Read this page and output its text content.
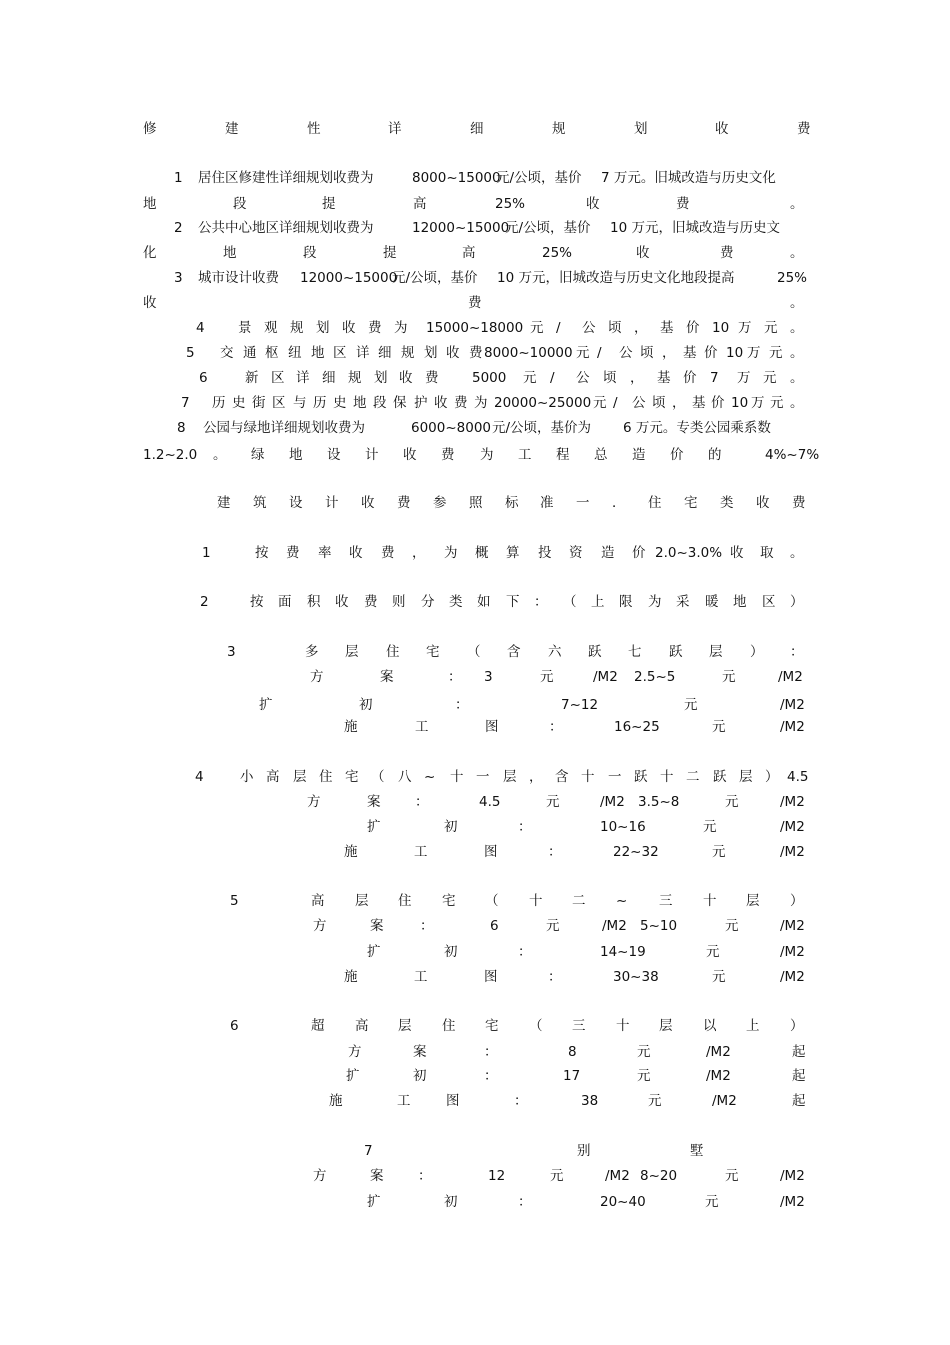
修	建	性	详	细	规	划	收	费
1 居住区修建性详细规划收费为	8000~15000
元/公顷，基价 7 万元。旧城改造与历史文化
地	段	提	高	25%	收	费	。
2 公共中心地区详细规划收费为	12000~15000
元/公顷，基价 10 万元，旧城改造与历史文
化	地	段	提	高	25%	收	费	。
3 城市设计收费 12000~15000
元/公顷，基价 10 万元，旧城改造与历史文化地段提高	25%
收	费	。
4 景 观 规 划 收 费 为 15000~18000 元 / 公 顷 ， 基 价 10 万 元 。
5 交 通 枢 纽 地 区 详 细 规 划 收 费 8000~10000 元 / 公 顷 ， 基 价 10 万 元 。
6	新 区 详 细 规 划 收 费 5000 元 / 公 顷 ， 基 价 7 万 元 。
7 历 史 街 区 与 历 史 地 段 保 护 收 费 为 20000~25000 元 / 公 顷 ， 基 价 10 万 元 。
8 公园与绿地详细规划收费为	6000~8000 元/公顷，基价为 6 万元。专类公园乘系数
1.2~2.0 。 绿 地 设 计 收 费 为 工 程 总 造 价 的	4%~7%
建 筑 设 计 收 费 参 照 标 准 一 ． 住 宅 类 收 费
1	按 费 率 收 费 ， 为 概 算 投 资 造 价 2.0~3.0% 收 取 。
2	按 面 积 收 费 则 分 类 如 下 ： （ 上 限 为 采 暖 地 区 ）
3	多 层 住 宅 （ 含 六 跃 七 跃 层 ） ：
方	案	： 3	元	/M2 2.5~5	元	/M2
扩	初	：	7~12	元	/M2
施	工	图	：	16~25	元	/M2
4	小 高 层 住 宅 （ 八 ~ 十 一 层 ， 含 十 一 跃 十 二 跃 层 ） 4.5
方	案	：	4.5	元	/M2 3.5~8	元	/M2
扩	初	：	10~16	元	/M2
施	工	图	：	22~32	元	/M2
5	高 层 住 宅 （ 十 二 ~ 三 十 层 ）
方	案	：	6	元	/M2 5~10	元	/M2
扩	初	：	14~19	元	/M2
施	工	图	：	30~38	元	/M2
6	超 高 层 住 宅 （ 三 十 层 以 上 ）
方	案	：	8	元	/M2	起
扩	初	：	17	元	/M2	起
施	工	图	：	38	元	/M2	起
7	别	墅
方	案	：	12	元	/M2 8~20	元	/M2
扩	初	：	20~40	元	/M2
